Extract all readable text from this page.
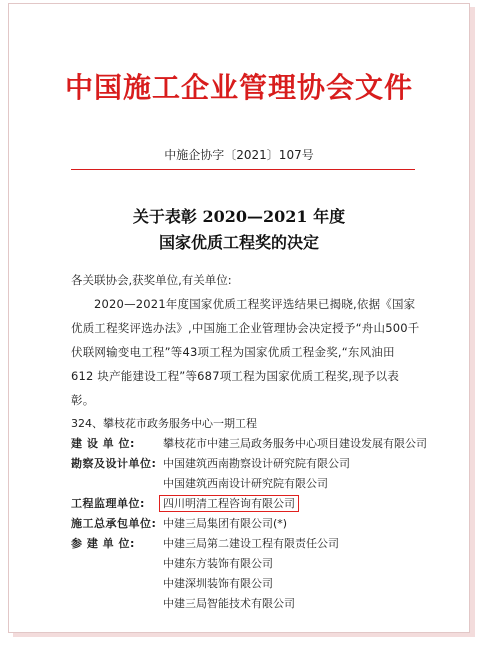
中国施工企业管理协会文件
中施企协字〔2021〕107号
关于表彰 2020—2021 年度
国家优质工程奖的决定
各关联协会,获奖单位,有关单位:
2020—2021年度国家优质工程奖评选结果已揭晓,依据《国家优质工程奖评选办法》,中国施工企业管理协会决定授予“舟山500千伏联网输变电工程”等43项工程为国家优质工程金奖,“东风油田 612 块产能建设工程”等687项工程为国家优质工程奖,现予以表彰。
324、攀枝花市政务服务中心一期工程
建 设 单 位:	攀枝花市中建三局政务服务中心项目建设发展有限公司
勘察及设计单位: 中国建筑西南勘察设计研究院有限公司
中国建筑西南设计研究院有限公司
工程监理单位:	四川明清工程咨询有限公司
施工总承包单位: 中建三局集团有限公司(*)
参 建 单 位:	中建三局第二建设工程有限责任公司
中建东方装饰有限公司
中建深圳装饰有限公司
中建三局智能技术有限公司
